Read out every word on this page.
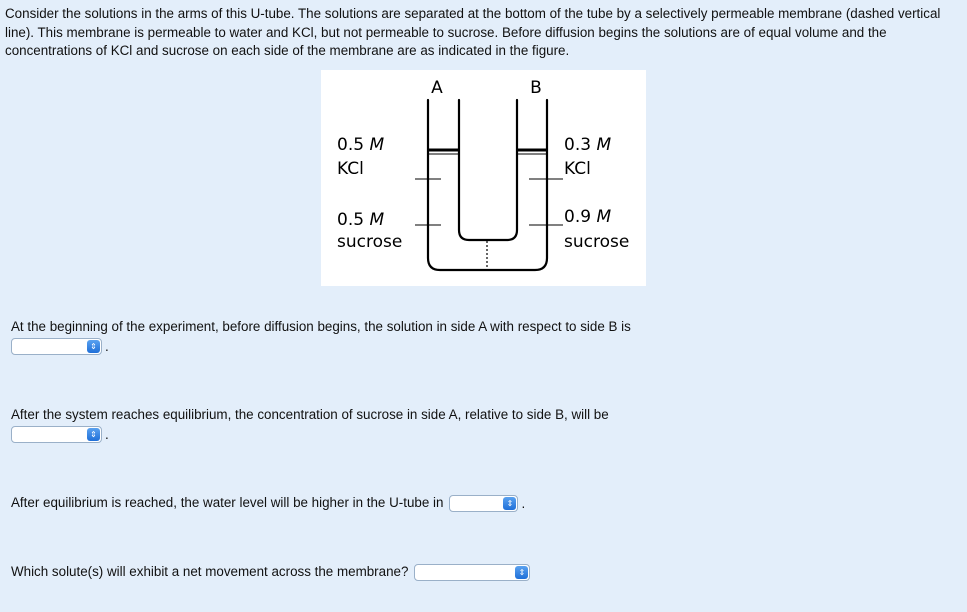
Consider the solutions in the arms of this U-tube. The solutions are separated at the bottom of the tube by a selectively permeable membrane (dashed vertical line). This membrane is permeable to water and KCl, but not permeable to sucrose. Before diffusion begins the solutions are of equal volume and the concentrations of KCl and sucrose on each side of the membrane are as indicated in the figure.

A	B
0.5 M
KCl
0.5 M
sucrose
0.3 M
KCl
0.9 M
sucrose
At the beginning of the experiment, before diffusion begins, the solution in side A with respect to side B is
⇕ .
After the system reaches equilibrium, the concentration of sucrose in side A, relative to side B, will be
⇕ .
After equilibrium is reached, the water level will be higher in the U-tube in	⇕ .
Which solute(s) will exhibit a net movement across the membrane?	⇕
